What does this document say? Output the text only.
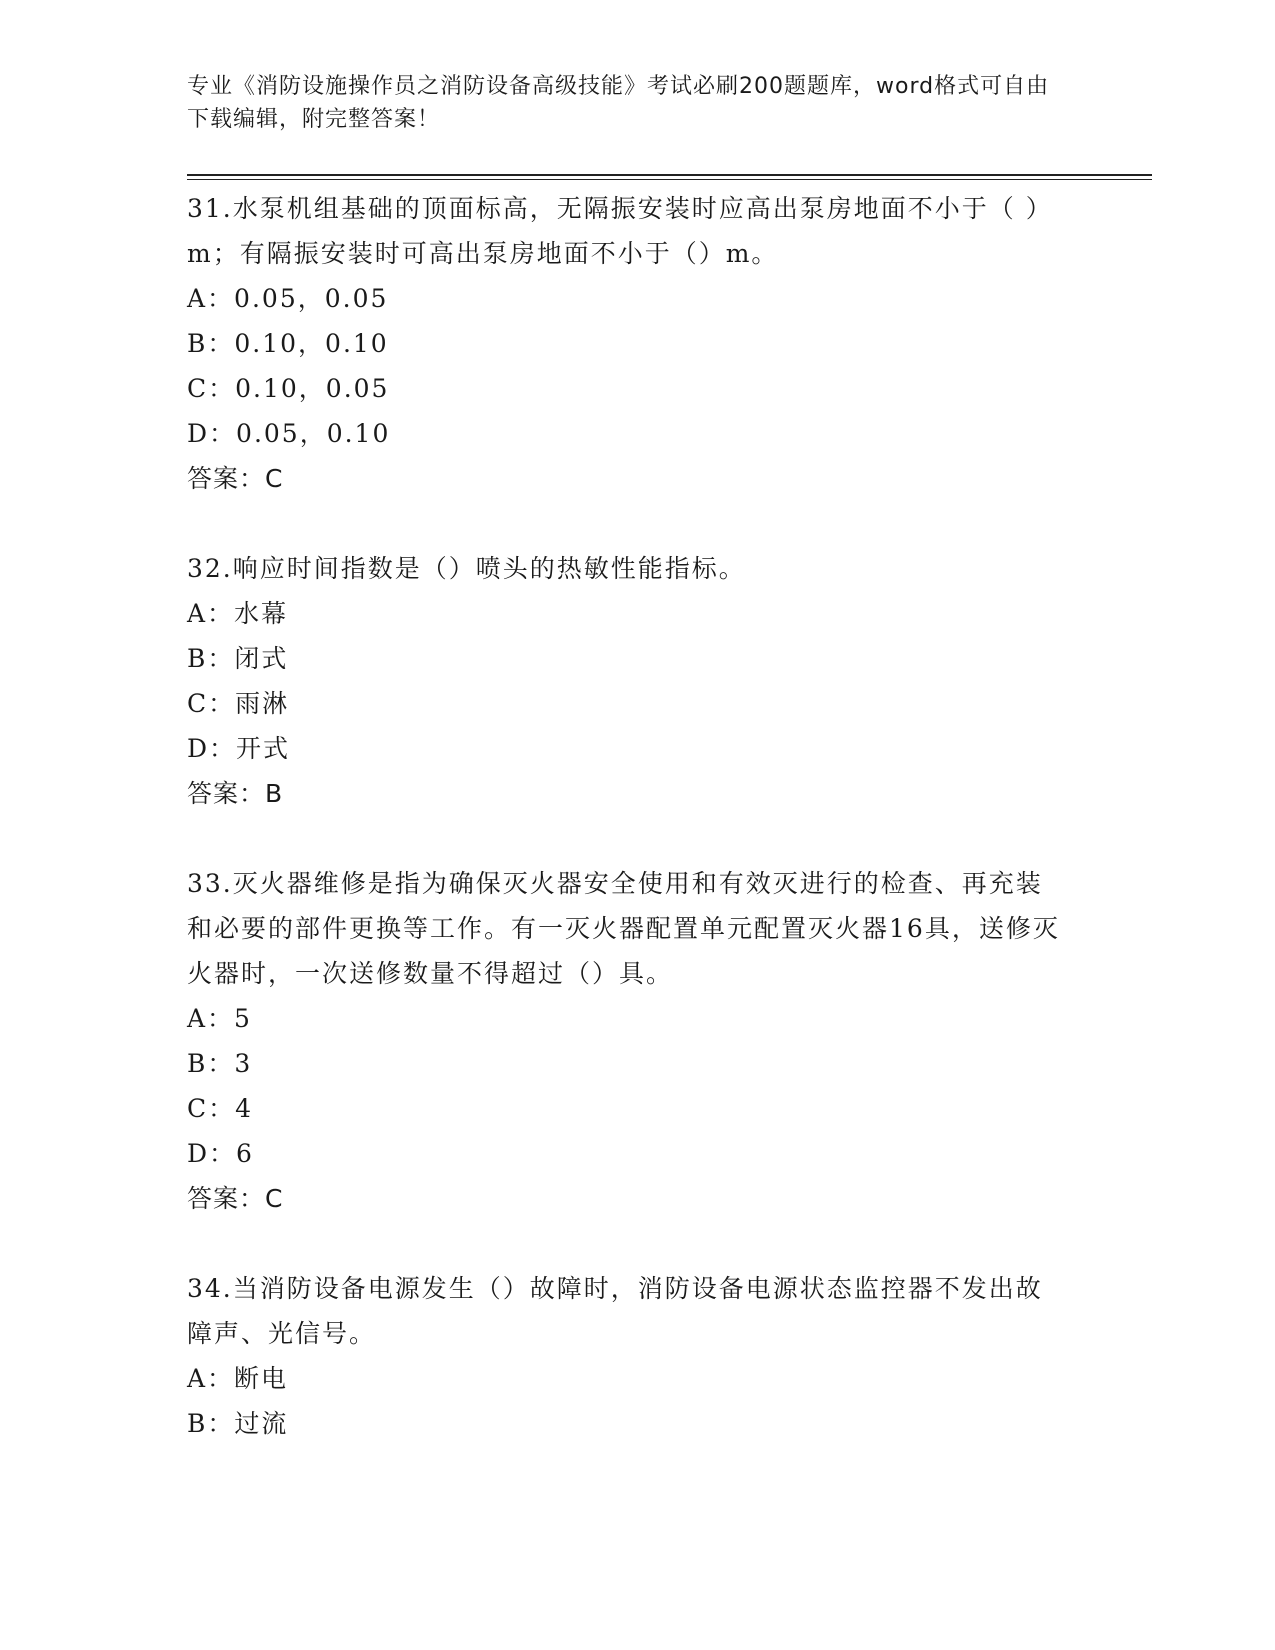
专业《消防设施操作员之消防设备高级技能》考试必刷200题题库，word格式可自由下载编辑，附完整答案！
31.水泵机组基础的顶面标高，无隔振安装时应高出泵房地面不小于（ ）m；有隔振安装时可高出泵房地面不小于（）m。
A：0.05，0.05
B：0.10，0.10
C：0.10，0.05
D：0.05，0.10
答案：C
32.响应时间指数是（）喷头的热敏性能指标。
A：水幕
B：闭式
C：雨淋
D：开式
答案：B
33.灭火器维修是指为确保灭火器安全使用和有效灭进行的检查、再充装和必要的部件更换等工作。有一灭火器配置单元配置灭火器16具，送修灭火器时，一次送修数量不得超过（）具。
A：5
B：3
C：4
D：6
答案：C
34.当消防设备电源发生（）故障时，消防设备电源状态监控器不发出故障声、光信号。
A：断电
B：过流
